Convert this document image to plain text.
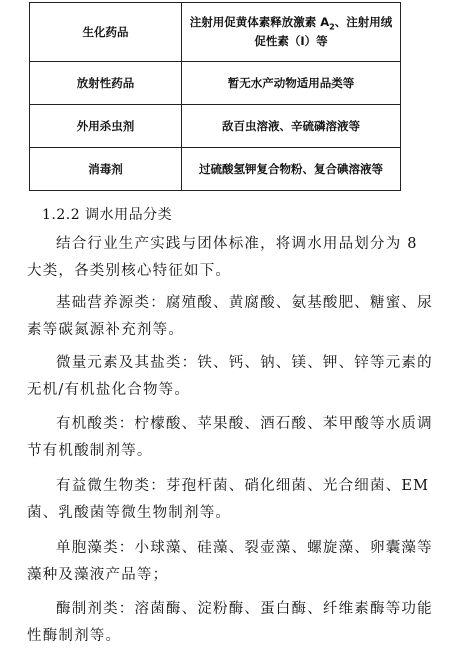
生化药品	注射用促黄体素释放激素 $A_2$、注射用绒促性素（Ⅰ）等
放射性药品	暂无水产动物适用品类等
外用杀虫剂	敌百虫溶液、辛硫磷溶液等
消毒剂	过硫酸氢钾复合物粉、复合碘溶液等
1.2.2 调水用品分类

结合行业生产实践与团体标准，将调水用品划分为 8 大类，各类别核心特征如下。

基础营养源类：腐殖酸、黄腐酸、氨基酸肥、糖蜜、尿素等碳氮源补充剂等。

微量元素及其盐类：铁、钙、钠、镁、钾、锌等元素的无机/有机盐化合物等。

有机酸类：柠檬酸、苹果酸、酒石酸、苯甲酸等水质调节有机酸制剂等。

有益微生物类：芽孢杆菌、硝化细菌、光合细菌、EM 菌、乳酸菌等微生物制剂等。

单胞藻类：小球藻、硅藻、裂壶藻、螺旋藻、卵囊藻等藻种及藻液产品等；

酶制剂类：溶菌酶、淀粉酶、蛋白酶、纤维素酶等功能性酶制剂等。
